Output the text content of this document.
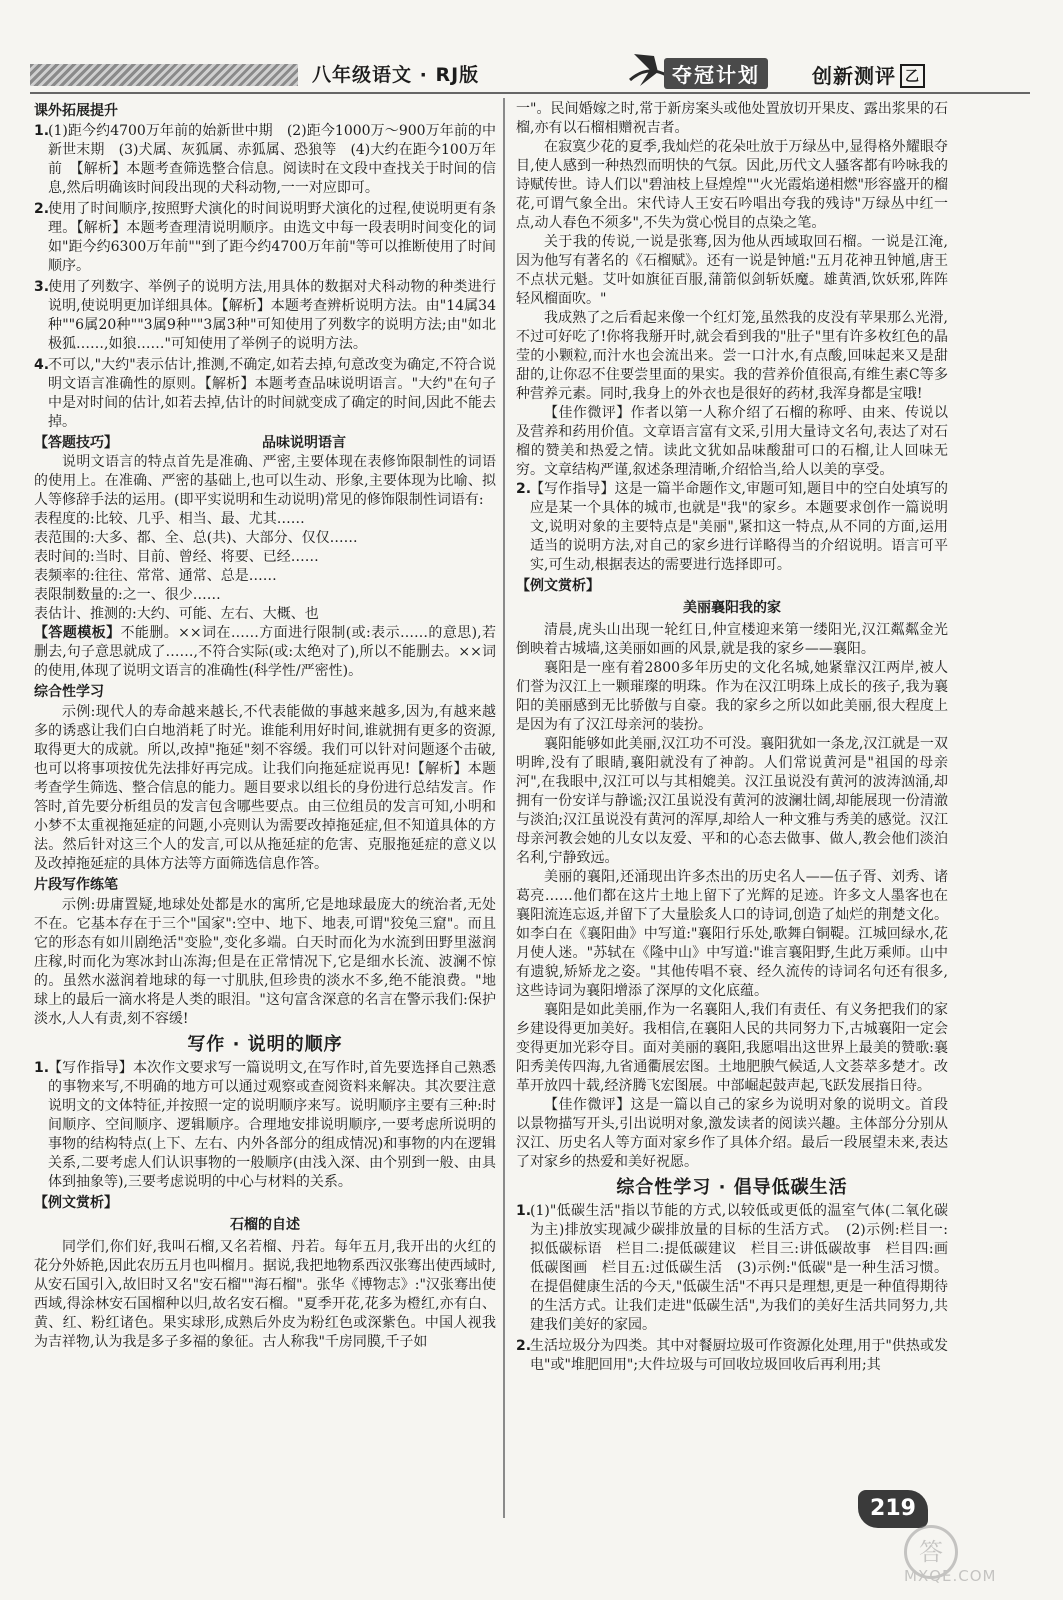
八年级语文 · RJ版	夺冠计划	创新测评 乙
课外拓展提升
1.
(1)距今约4700万年前的始新世中期　(2)距今1000万～900万年前的中新世末期　(3)犬属、灰狐属、赤狐属、恐狼等　(4)大约在距今100万年前　【解析】本题考查筛选整合信息。阅读时在文段中查找关于时间的信息,然后明确该时间段出现的犬科动物,一一对应即可。
2.
使用了时间顺序,按照野犬演化的时间说明野犬演化的过程,使说明更有条理。【解析】本题考查理清说明顺序。由选文中每一段表明时间变化的词如"距今约6300万年前""到了距今约4700万年前"等可以推断使用了时间顺序。
3.
使用了列数字、举例子的说明方法,用具体的数据对犬科动物的种类进行说明,使说明更加详细具体。【解析】本题考查辨析说明方法。由"14属34种""6属20种""3属9种""3属3种"可知使用了列数字的说明方法;由"如北极狐……,如狼……"可知使用了举例子的说明方法。
4.
不可以,"大约"表示估计,推测,不确定,如若去掉,句意改变为确定,不符合说明文语言准确性的原则。【解析】本题考查品味说明语言。"大约"在句子中是对时间的估计,如若去掉,估计的时间就变成了确定的时间,因此不能去掉。
【答题技巧】	品味说明语言
说明文语言的特点首先是准确、严密,主要体现在表修饰限制性的词语的使用上。在准确、严密的基础上,也可以生动、形象,主要体现为比喻、拟人等修辞手法的运用。(即平实说明和生动说明)常见的修饰限制性词语有:
表程度的:比较、几乎、相当、最、尤其……
表范围的:大多、都、全、总(共)、大部分、仅仅……
表时间的:当时、目前、曾经、将要、已经……
表频率的:往往、常常、通常、总是……
表限制数量的:之一、很少……
表估计、推测的:大约、可能、左右、大概、也
【答题模板】不能删。××词在……方面进行限制(或:表示……的意思),若删去,句子意思就成了……,不符合实际(或:太绝对了),所以不能删去。××词的使用,体现了说明文语言的准确性(科学性/严密性)。
综合性学习
示例:现代人的寿命越来越长,不代表能做的事越来越多,因为,有越来越多的诱惑让我们白白地消耗了时光。谁能利用好时间,谁就拥有更多的资源,取得更大的成就。所以,改掉"拖延"刻不容缓。我们可以针对问题逐个击破,也可以将事项按优先法排好再完成。让我们向拖延症说再见!【解析】本题考查学生筛选、整合信息的能力。题目要求以组长的身份进行总结发言。作答时,首先要分析组员的发言包含哪些要点。由三位组员的发言可知,小明和小梦不太重视拖延症的问题,小亮则认为需要改掉拖延症,但不知道具体的方法。然后针对这三个人的发言,可以从拖延症的危害、克服拖延症的意义以及改掉拖延症的具体方法等方面筛选信息作答。
片段写作练笔
示例:毋庸置疑,地球处处都是水的寓所,它是地球最庞大的统治者,无处不在。它基本存在于三个"国家":空中、地下、地表,可谓"狡兔三窟"。而且它的形态有如川剧绝活"变脸",变化多端。白天时而化为水流到田野里滋润庄稼,时而化为寒冰封山冻海;但是在正常情况下,它是细水长流、波澜不惊的。虽然水滋润着地球的每一寸肌肤,但珍贵的淡水不多,绝不能浪费。"地球上的最后一滴水将是人类的眼泪。"这句富含深意的名言在警示我们:保护淡水,人人有责,刻不容缓!
写作 · 说明的顺序
1.
【写作指导】本次作文要求写一篇说明文,在写作时,首先要选择自己熟悉的事物来写,不明确的地方可以通过观察或查阅资料来解决。其次要注意说明文的文体特征,并按照一定的说明顺序来写。说明顺序主要有三种:时间顺序、空间顺序、逻辑顺序。合理地安排说明顺序,一要考虑所说明的事物的结构特点(上下、左右、内外各部分的组成情况)和事物的内在逻辑关系,二要考虑人们认识事物的一般顺序(由浅入深、由个别到一般、由具体到抽象等),三要考虑说明的中心与材料的关系。
【例文赏析】
石榴的自述
同学们,你们好,我叫石榴,又名若榴、丹若。每年五月,我开出的火红的花分外娇艳,因此农历五月也叫榴月。据说,我把地物系西汉张骞出使西域时,从安石国引入,故旧时又名"安石榴""海石榴"。张华《博物志》:"汉张骞出使西域,得涂林安石国榴种以归,故名安石榴。"夏季开花,花多为橙红,亦有白、黄、红、粉红诸色。果实球形,成熟后外皮为粉红色或深紫色。中国人视我为吉祥物,认为我是多子多福的象征。古人称我"千房同膜,千子如
一"。民间婚嫁之时,常于新房案头或他处置放切开果皮、露出浆果的石榴,亦有以石榴相赠祝吉者。
在寂寞少花的夏季,我灿烂的花朵吐放于万绿丛中,显得格外耀眼夺目,使人感到一种热烈而明快的气氛。因此,历代文人骚客都有吟咏我的诗赋传世。诗人们以"碧油枝上昼煌煌""火光霞焰递相燃"形容盛开的榴花,可谓气象全出。宋代诗人王安石吟唱出夸我的残诗"万绿丛中红一点,动人春色不须多",不失为赏心悦目的点染之笔。
关于我的传说,一说是张骞,因为他从西域取回石榴。一说是江淹,因为他写有著名的《石榴赋》。还有一说是钟馗:"五月花神丑钟馗,唐王不点状元魁。艾叶如旗征百服,蒲箭似剑斩妖魔。雄黄酒,饮妖邪,阵阵轻风榴面吹。"
我成熟了之后看起来像一个红灯笼,虽然我的皮没有苹果那么光滑,不过可好吃了!你将我掰开时,就会看到我的"肚子"里有许多枚红色的晶莹的小颗粒,而汁水也会流出来。尝一口汁水,有点酸,回味起来又是甜甜的,让你忍不住要尝里面的果实。我的营养价值很高,有维生素C等多种营养元素。同时,我身上的外衣也是很好的药材,我浑身都是宝哦!
【佳作微评】作者以第一人称介绍了石榴的称呼、由来、传说以及营养和药用价值。文章语言富有文采,引用大量诗文名句,表达了对石榴的赞美和热爱之情。读此文犹如品味酸甜可口的石榴,让人回味无穷。文章结构严谨,叙述条理清晰,介绍恰当,给人以美的享受。
2.
【写作指导】这是一篇半命题作文,审题可知,题目中的空白处填写的应是某一个具体的城市,也就是"我"的家乡。本题要求创作一篇说明文,说明对象的主要特点是"美丽",紧扣这一特点,从不同的方面,运用适当的说明方法,对自己的家乡进行详略得当的介绍说明。语言可平实,可生动,根据表达的需要进行选择即可。
【例文赏析】
美丽襄阳我的家
清晨,虎头山出现一轮红日,仲宣楼迎来第一缕阳光,汉江粼粼金光倒映着古城墙,这美丽如画的风景,就是我的家乡——襄阳。
襄阳是一座有着2800多年历史的文化名城,她紧靠汉江两岸,被人们誉为汉江上一颗璀璨的明珠。作为在汉江明珠上成长的孩子,我为襄阳的美丽感到无比骄傲与自豪。我的家乡之所以如此美丽,很大程度上是因为有了汉江母亲河的装扮。
襄阳能够如此美丽,汉江功不可没。襄阳犹如一条龙,汉江就是一双明眸,没有了眼睛,襄阳就没有了神韵。人们常说黄河是"祖国的母亲河",在我眼中,汉江可以与其相媲美。汉江虽说没有黄河的波涛汹涌,却拥有一份安详与静谧;汉江虽说没有黄河的波澜壮阔,却能展现一份清澈与淡泊;汉江虽说没有黄河的浑厚,却给人一种文雅与秀美的感觉。汉江母亲河教会她的儿女以友爱、平和的心态去做事、做人,教会他们淡泊名利,宁静致远。
美丽的襄阳,还涌现出许多杰出的历史名人——伍子胥、刘秀、诸葛亮……他们都在这片土地上留下了光辉的足迹。许多文人墨客也在襄阳流连忘返,并留下了大量脍炙人口的诗词,创造了灿烂的荆楚文化。如李白在《襄阳曲》中写道:"襄阳行乐处,歌舞白铜鞮。江城回绿水,花月使人迷。"苏轼在《隆中山》中写道:"谁言襄阳野,生此万乘师。山中有遗貌,矫矫龙之姿。"其他传唱不衰、经久流传的诗词名句还有很多,这些诗词为襄阳增添了深厚的文化底蕴。
襄阳是如此美丽,作为一名襄阳人,我们有责任、有义务把我们的家乡建设得更加美好。我相信,在襄阳人民的共同努力下,古城襄阳一定会变得更加光彩夺目。面对美丽的襄阳,我愿唱出这世界上最美的赞歌:襄阳秀美传四海,九省通衢展宏图。土地肥腴气候适,人文荟萃多楚才。改革开放四十载,经济腾飞宏图展。中部崛起鼓声起,飞跃发展指日待。
【佳作微评】这是一篇以自己的家乡为说明对象的说明文。首段以景物描写开头,引出说明对象,激发读者的阅读兴趣。主体部分分别从汉江、历史名人等方面对家乡作了具体介绍。最后一段展望未来,表达了对家乡的热爱和美好祝愿。
综合性学习 · 倡导低碳生活
1.
(1)"低碳生活"指以节能的方式,以较低或更低的温室气体(二氧化碳为主)排放实现减少碳排放量的目标的生活方式。　(2)示例:栏目一:拟低碳标语　栏目二:提低碳建议　栏目三:讲低碳故事　栏目四:画低碳图画　栏目五:过低碳生活　(3)示例:"低碳"是一种生活习惯。在提倡健康生活的今天,"低碳生活"不再只是理想,更是一种值得期待的生活方式。让我们走进"低碳生活",为我们的美好生活共同努力,共建我们美好的家园。
2.
生活垃圾分为四类。其中对餐厨垃圾可作资源化处理,用于"供热或发电"或"堆肥回用";大件垃圾与可回收垃圾回收后再利用;其
219
答
MXQE.COM
